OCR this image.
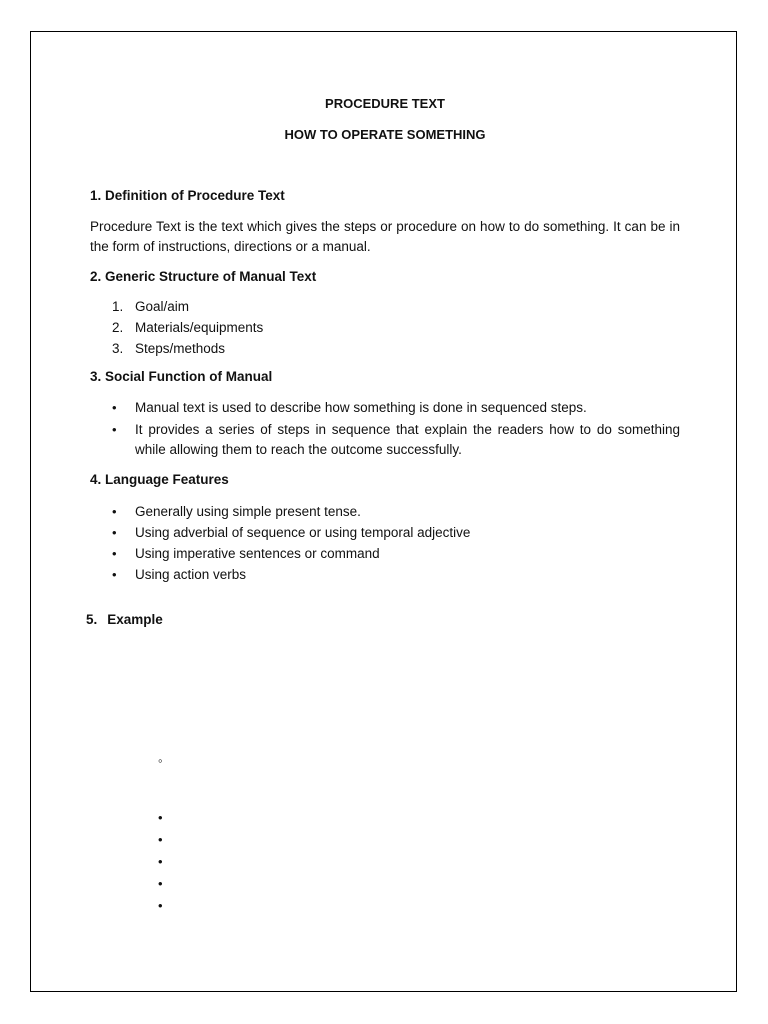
PROCEDURE TEXT

HOW TO OPERATE SOMETHING

1. Definition of Procedure Text

Procedure Text is the text which gives the steps or procedure on how to do something. It can be in the form of instructions, directions or a manual.

2. Generic Structure of Manual Text

1. Goal/aim
2. Materials/equipments
3. Steps/methods

3. Social Function of Manual

• Manual text is used to describe how something is done in sequenced steps.
• It provides a series of steps in sequence that explain the readers how to do something while allowing them to reach the outcome successfully.

4. Language Features

• Generally using simple present tense.
• Using adverbial of sequence or using temporal adjective
• Using imperative sentences or command
• Using action verbs
5. Example
◦
•
•
•
•
•
